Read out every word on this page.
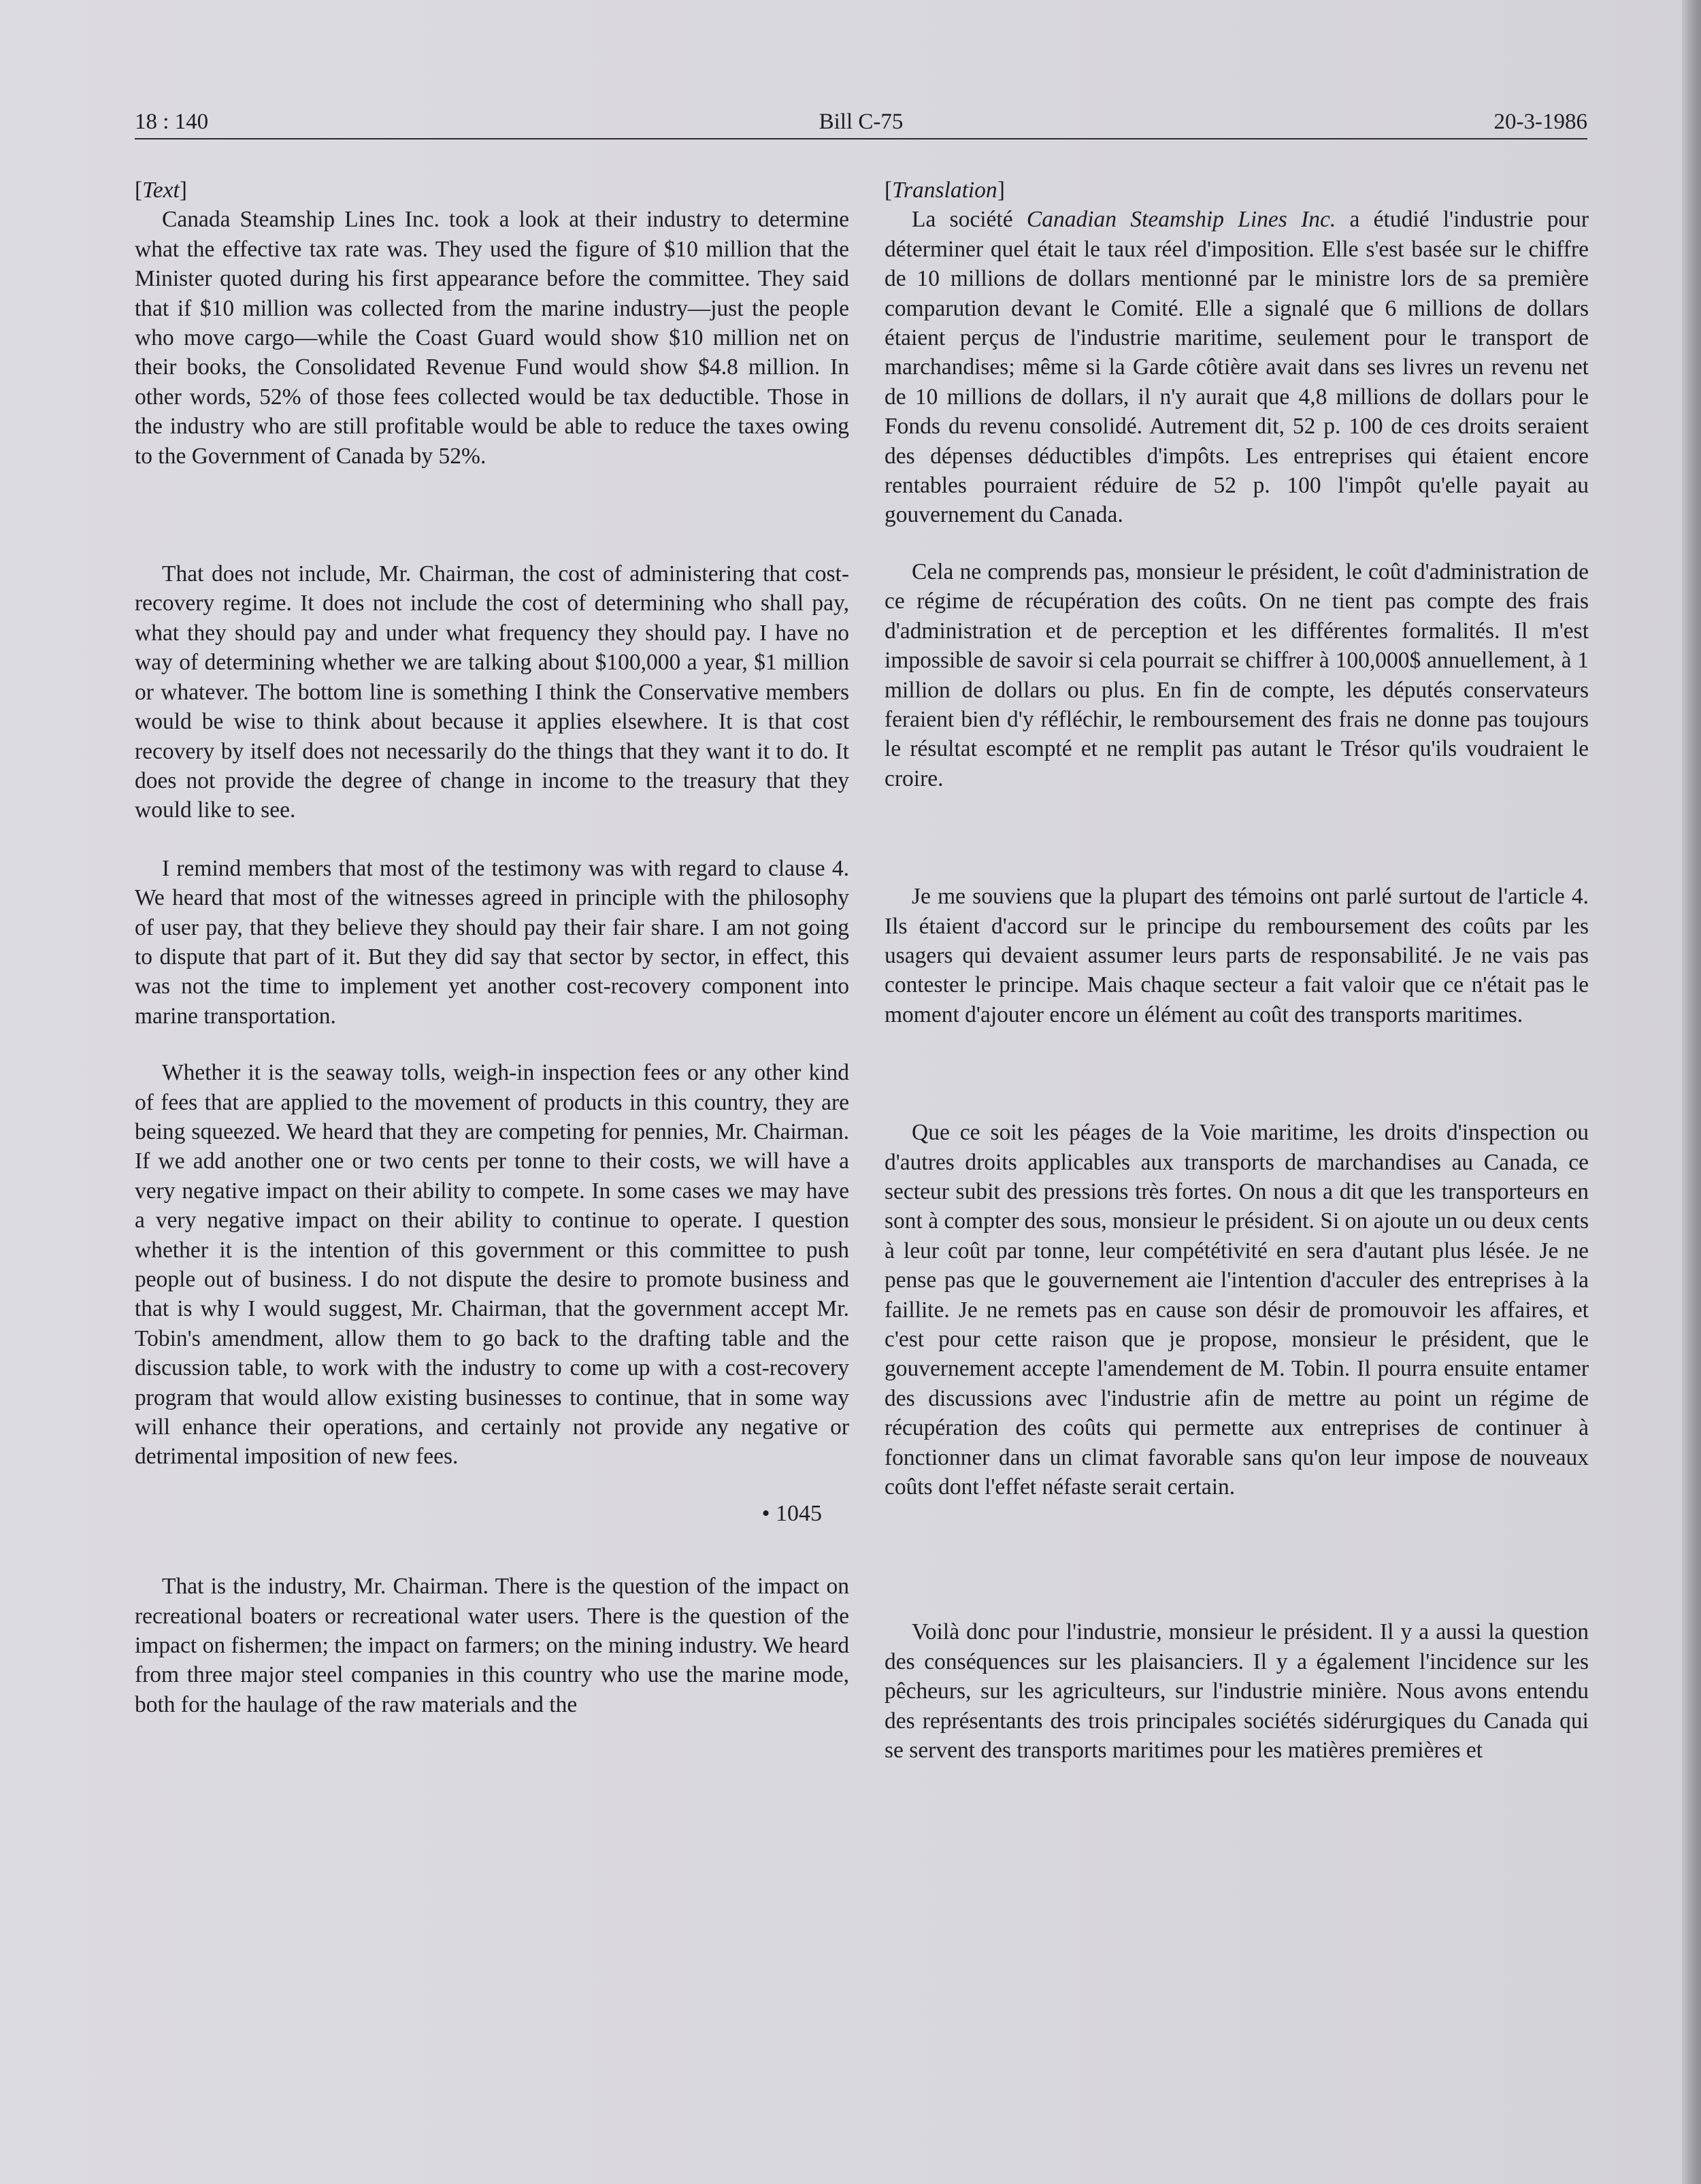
18 : 140	Bill C-75	20-3-1986
[Text]

Canada Steamship Lines Inc. took a look at their industry to determine what the effective tax rate was. They used the figure of $10 million that the Minister quoted during his first appearance before the committee. They said that if $10 million was collected from the marine industry—just the people who move cargo—while the Coast Guard would show $10 million net on their books, the Consolidated Revenue Fund would show $4.8 million. In other words, 52% of those fees collected would be tax deductible. Those in the industry who are still profitable would be able to reduce the taxes owing to the Government of Canada by 52%.

That does not include, Mr. Chairman, the cost of administering that cost-recovery regime. It does not include the cost of determining who shall pay, what they should pay and under what frequency they should pay. I have no way of determining whether we are talking about $100,000 a year, $1 million or whatever. The bottom line is something I think the Conservative members would be wise to think about because it applies elsewhere. It is that cost recovery by itself does not necessarily do the things that they want it to do. It does not provide the degree of change in income to the treasury that they would like to see.

I remind members that most of the testimony was with regard to clause 4. We heard that most of the witnesses agreed in principle with the philosophy of user pay, that they believe they should pay their fair share. I am not going to dispute that part of it. But they did say that sector by sector, in effect, this was not the time to implement yet another cost-recovery component into marine transportation.

Whether it is the seaway tolls, weigh-in inspection fees or any other kind of fees that are applied to the movement of products in this country, they are being squeezed. We heard that they are competing for pennies, Mr. Chairman. If we add another one or two cents per tonne to their costs, we will have a very negative impact on their ability to compete. In some cases we may have a very negative impact on their ability to continue to operate. I question whether it is the intention of this government or this committee to push people out of business. I do not dispute the desire to promote business and that is why I would suggest, Mr. Chairman, that the government accept Mr. Tobin's amendment, allow them to go back to the drafting table and the discussion table, to work with the industry to come up with a cost-recovery program that would allow existing businesses to continue, that in some way will enhance their operations, and certainly not provide any negative or detrimental imposition of new fees.

• 1045

That is the industry, Mr. Chairman. There is the question of the impact on recreational boaters or recreational water users. There is the question of the impact on fishermen; the impact on farmers; on the mining industry. We heard from three major steel companies in this country who use the marine mode, both for the haulage of the raw materials and the

[Translation]

La société Canadian Steamship Lines Inc. a étudié l'industrie pour déterminer quel était le taux réel d'imposition. Elle s'est basée sur le chiffre de 10 millions de dollars mentionné par le ministre lors de sa première comparution devant le Comité. Elle a signalé que 6 millions de dollars étaient perçus de l'industrie maritime, seulement pour le transport de marchandises; même si la Garde côtière avait dans ses livres un revenu net de 10 millions de dollars, il n'y aurait que 4,8 millions de dollars pour le Fonds du revenu consolidé. Autrement dit, 52 p. 100 de ces droits seraient des dépenses déductibles d'impôts. Les entreprises qui étaient encore rentables pourraient réduire de 52 p. 100 l'impôt qu'elle payait au gouvernement du Canada.

Cela ne comprends pas, monsieur le président, le coût d'administration de ce régime de récupération des coûts. On ne tient pas compte des frais d'administration et de perception et les différentes formalités. Il m'est impossible de savoir si cela pourrait se chiffrer à 100,000$ annuellement, à 1 million de dollars ou plus. En fin de compte, les députés conservateurs feraient bien d'y réfléchir, le remboursement des frais ne donne pas toujours le résultat escompté et ne remplit pas autant le Trésor qu'ils voudraient le croire.

Je me souviens que la plupart des témoins ont parlé surtout de l'article 4. Ils étaient d'accord sur le principe du remboursement des coûts par les usagers qui devaient assumer leurs parts de responsabilité. Je ne vais pas contester le principe. Mais chaque secteur a fait valoir que ce n'était pas le moment d'ajouter encore un élément au coût des transports maritimes.

Que ce soit les péages de la Voie maritime, les droits d'inspection ou d'autres droits applicables aux transports de marchandises au Canada, ce secteur subit des pressions très fortes. On nous a dit que les transporteurs en sont à compter des sous, monsieur le président. Si on ajoute un ou deux cents à leur coût par tonne, leur compététivité en sera d'autant plus lésée. Je ne pense pas que le gouvernement aie l'intention d'acculer des entreprises à la faillite. Je ne remets pas en cause son désir de promouvoir les affaires, et c'est pour cette raison que je propose, monsieur le président, que le gouvernement accepte l'amendement de M. Tobin. Il pourra ensuite entamer des discussions avec l'industrie afin de mettre au point un régime de récupération des coûts qui permette aux entreprises de continuer à fonctionner dans un climat favorable sans qu'on leur impose de nouveaux coûts dont l'effet néfaste serait certain.

Voilà donc pour l'industrie, monsieur le président. Il y a aussi la question des conséquences sur les plaisanciers. Il y a également l'incidence sur les pêcheurs, sur les agriculteurs, sur l'industrie minière. Nous avons entendu des représentants des trois principales sociétés sidérurgiques du Canada qui se servent des transports maritimes pour les matières premières et
